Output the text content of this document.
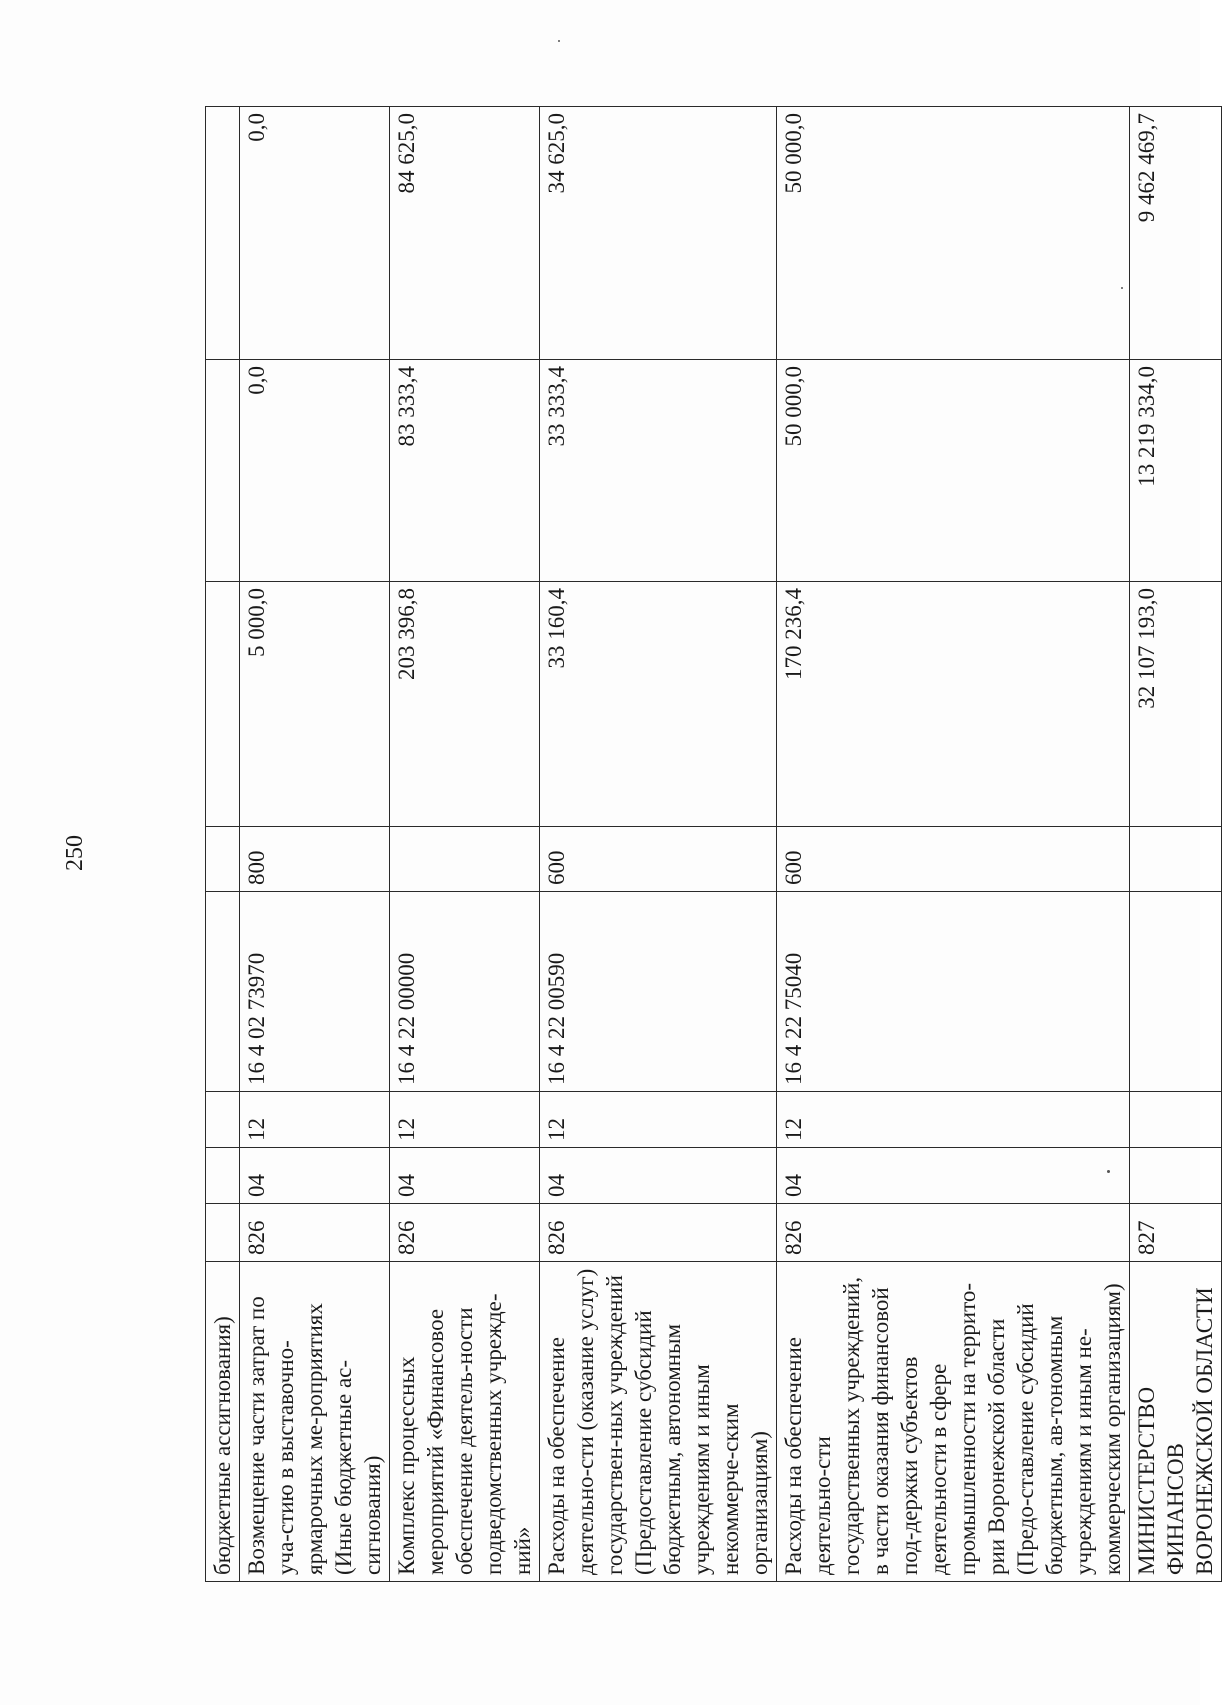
250
бюджетные ассигнования)								
Возмещение части затрат по уча-стию в выставочно-ярмарочных ме-роприятиях (Иные бюджетные ас-сигнования)	826	04	12	16 4 02 73970	800	5 000,0	0,0	0,0
Комплекс процессных мероприятий «Финансовое обеспечение деятель-ности подведомственных учрежде-ний»	826	04	12	16 4 22 00000		203 396,8	83 333,4	84 625,0
Расходы на обеспечение деятельно-сти (оказание услуг) государствен-ных учреждений (Предоставление субсидий бюджетным, автономным учреждениям и иным некоммерче-ским организациям)	826	04	12	16 4 22 00590	600	33 160,4	33 333,4	34 625,0
Расходы на обеспечение деятельно-сти государственных учреждений, в части оказания финансовой под-держки субъектов деятельности в сфере промышленности на террито-рии Воронежской области (Предо-ставление субсидий бюджетным, ав-тономным учреждениям и иным не-коммерческим организациям)	826	04	12	16 4 22 75040	600	170 236,4	50 000,0	50 000,0
МИНИСТЕРСТВО ФИНАНСОВ ВОРОНЕЖСКОЙ ОБЛАСТИ	827					32 107 193,0	13 219 334,0	9 462 469,7
